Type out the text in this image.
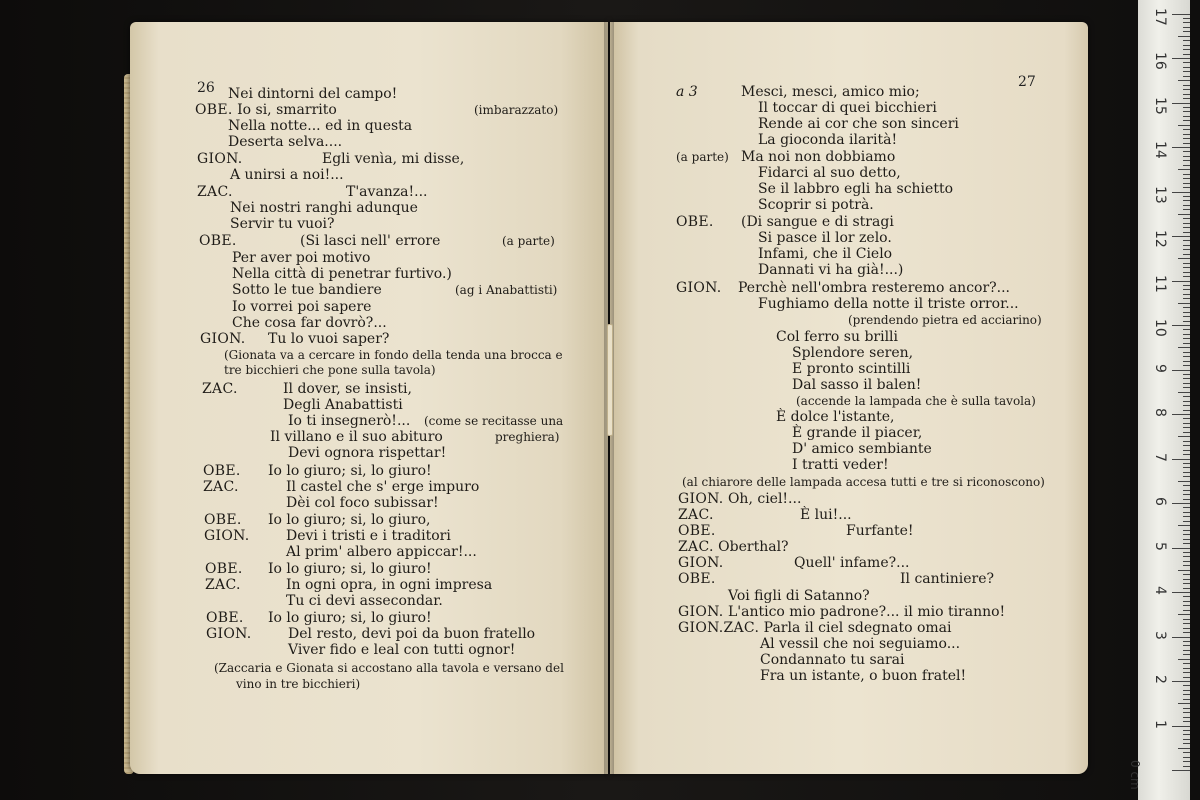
26	27
Nei dintorni del campo!
OBE. Io si, smarrito	(imbarazzato)
Nella notte... ed in questa
Deserta selva....
GION.	Egli venìa, mi disse,
A unirsi a noi!...
ZAC.	T'avanza!...
Nei nostri ranghi adunque
Servir tu vuoi?
OBE.	(Si lasci nell' errore	(a parte)
Per aver poi motivo
Nella città di penetrar furtivo.)
Sotto le tue bandiere	(ag i Anabattisti)
Io vorrei poi sapere
Che cosa far dovrò?...
GION. Tu lo vuoi saper?
(Gionata va a cercare in fondo della tenda una brocca e
tre bicchieri che pone sulla tavola)
ZAC.	Il dover, se insisti,
Degli Anabattisti
Io ti insegnerò!... (come se recitasse una
Il villano e il suo abituro	preghiera)
Devi ognora rispettar!
OBE. Io lo giuro; si, lo giuro!
ZAC.	Il castel che s' erge impuro
Dèi col foco subissar!
OBE. Io lo giuro; si, lo giuro,
GION.	Devi i tristi e i traditori
Al prim' albero appiccar!...
OBE. Io lo giuro; si, lo giuro!
ZAC.	In ogni opra, in ogni impresa
Tu ci devi assecondar.
OBE. Io lo giuro; si, lo giuro!
GION.	Del resto, devi poi da buon fratello
Viver fido e leal con tutti ognor!
(Zaccaria e Gionata si accostano alla tavola e versano del
vino in tre bicchieri)
a 3	Mesci, mesci, amico mio;
Il toccar di quei bicchieri
Rende ai cor che son sinceri
La gioconda ilarità!
(a parte) Ma noi non dobbiamo
Fidarci al suo detto,
Se il labbro egli ha schietto
Scoprir si potrà.
OBE. (Di sangue e di stragi
Si pasce il lor zelo.
Infami, che il Cielo
Dannati vi ha già!...)
GION. Perchè nell'ombra resteremo ancor?...
Fughiamo della notte il triste orror...
(prendendo pietra ed acciarino)
Col ferro su brilli
Splendore seren,
E pronto scintilli
Dal sasso il balen!
(accende la lampada che è sulla tavola)
È dolce l'istante,
È grande il piacer,
D' amico sembiante
I tratti veder!
(al chiarore delle lampada accesa tutti e tre si riconoscono)
GION. Oh, ciel!...
ZAC.	È lui!...
OBE.	Furfante!
ZAC. Oberthal?
GION.	Quell' infame?...
OBE.	Il cantiniere?
Voi figli di Satanno?
GION. L'antico mio padrone?... il mio tiranno!
GION.ZAC. Parla il ciel sdegnato omai
Al vessil che noi seguiamo...
Condannato tu sarai
Fra un istante, o buon fratel!
0 cm
1
2
3
4
5
6
7
8
9
10
11
12
13
14
15
16
17
